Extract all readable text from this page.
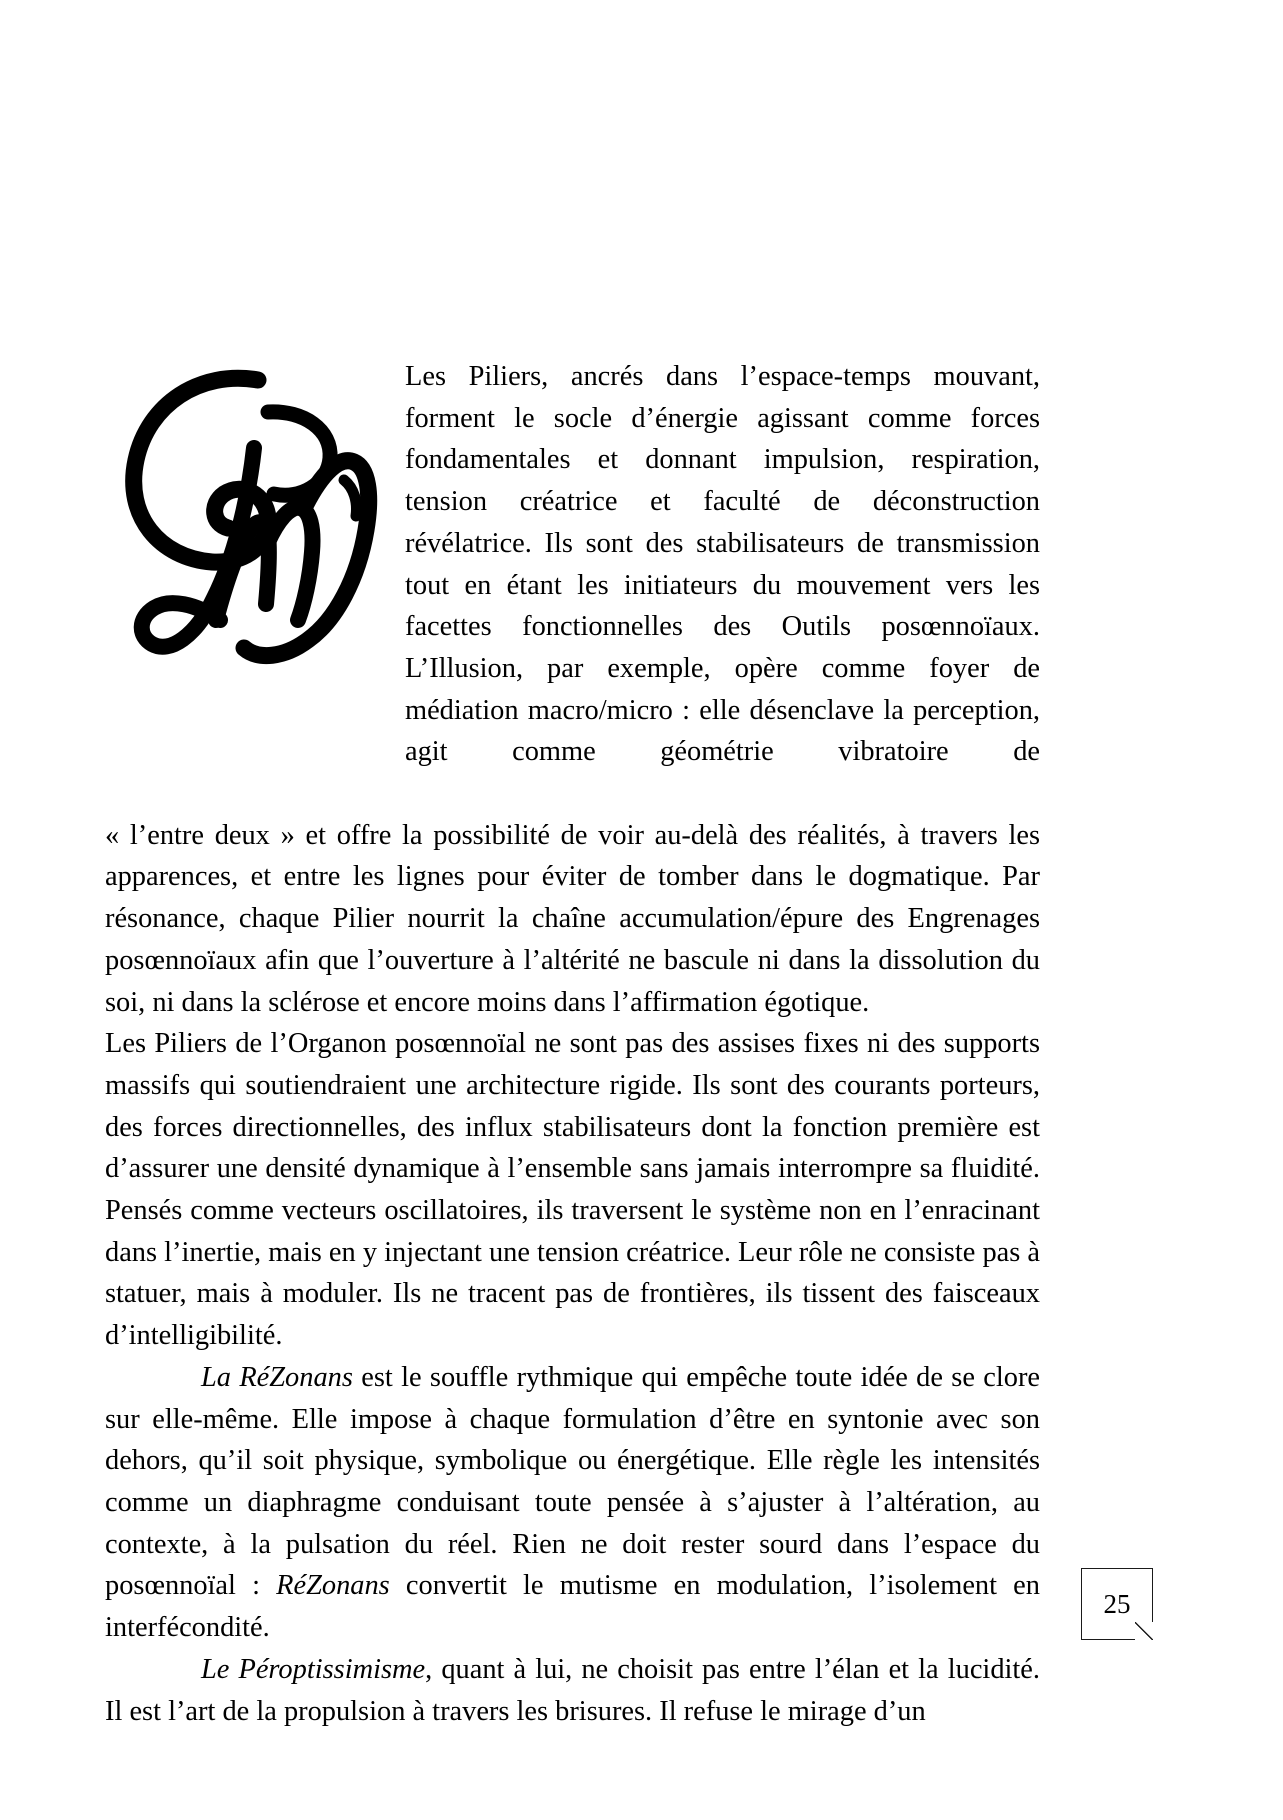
Les Piliers, ancrés dans l’espace-temps mouvant, forment le socle d’énergie agissant comme forces fondamentales et donnant impulsion, respiration, tension créatrice et faculté de déconstruction révélatrice. Ils sont des stabilisateurs de transmission tout en étant les initiateurs du mouvement vers les facettes fonctionnelles des Outils posœnnoïaux. L’Illusion, par exemple, opère comme foyer de médiation macro/micro : elle désenclave la perception, agit comme géométrie vibratoire de

« l’entre deux » et offre la possibilité de voir au-delà des réalités, à travers les apparences, et entre les lignes pour éviter de tomber dans le dogmatique. Par résonance, chaque Pilier nourrit la chaîne accumulation/épure des Engrenages posœnnoïaux afin que l’ouverture à l’altérité ne bascule ni dans la dissolution du soi, ni dans la sclérose et encore moins dans l’affirmation égotique.

Les Piliers de l’Organon posœnnoïal ne sont pas des assises fixes ni des supports massifs qui soutiendraient une architecture rigide. Ils sont des courants porteurs, des forces directionnelles, des influx stabilisateurs dont la fonction première est d’assurer une densité dynamique à l’ensemble sans jamais interrompre sa fluidité. Pensés comme vecteurs oscillatoires, ils traversent le système non en l’enracinant dans l’inertie, mais en y injectant une tension créatrice. Leur rôle ne consiste pas à statuer, mais à moduler. Ils ne tracent pas de frontières, ils tissent des faisceaux d’intelligibilité.

La RéZonans est le souffle rythmique qui empêche toute idée de se clore sur elle-même. Elle impose à chaque formulation d’être en syntonie avec son dehors, qu’il soit physique, symbolique ou énergétique. Elle règle les intensités comme un diaphragme conduisant toute pensée à s’ajuster à l’altération, au contexte, à la pulsation du réel. Rien ne doit rester sourd dans l’espace du posœnnoïal : RéZonans convertit le mutisme en modulation, l’isolement en interfécondité.

Le Péroptissimisme, quant à lui, ne choisit pas entre l’élan et la lucidité. Il est l’art de la propulsion à travers les brisures. Il refuse le mirage d’un

25
